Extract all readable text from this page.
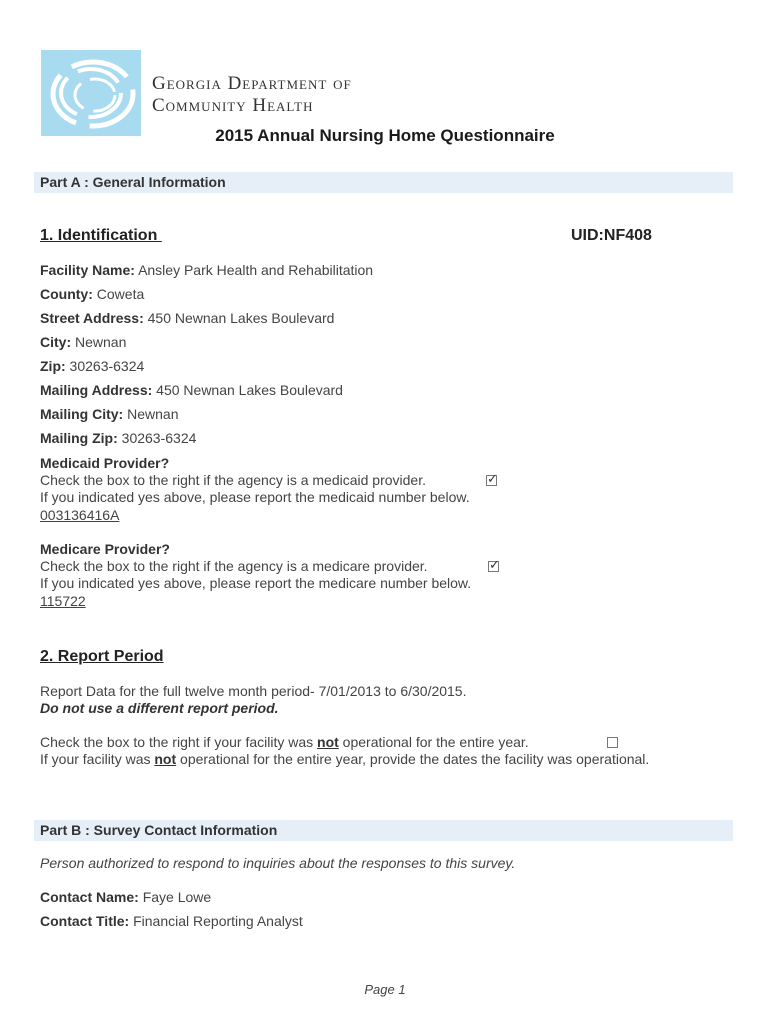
Georgia Department of
Community Health
2015 Annual Nursing Home Questionnaire
Part A : General Information
1. Identification	UID:NF408
Facility Name: Ansley Park Health and Rehabilitation
County: Coweta
Street Address: 450 Newnan Lakes Boulevard
City: Newnan
Zip: 30263-6324
Mailing Address: 450 Newnan Lakes Boulevard
Mailing City: Newnan
Mailing Zip: 30263-6324
Medicaid Provider?
Check the box to the right if the agency is a medicaid provider.	✓
If you indicated yes above, please report the medicaid number below.
003136416A
Medicare Provider?
Check the box to the right if the agency is a medicare provider.	✓
If you indicated yes above, please report the medicare number below.
115722
2. Report Period
Report Data for the full twelve month period- 7/01/2013 to 6/30/2015.
Do not use a different report period.
Check the box to the right if your facility was not operational for the entire year.
If your facility was not operational for the entire year, provide the dates the facility was operational.
Part B : Survey Contact Information
Person authorized to respond to inquiries about the responses to this survey.
Contact Name: Faye Lowe
Contact Title: Financial Reporting Analyst
Page 1
